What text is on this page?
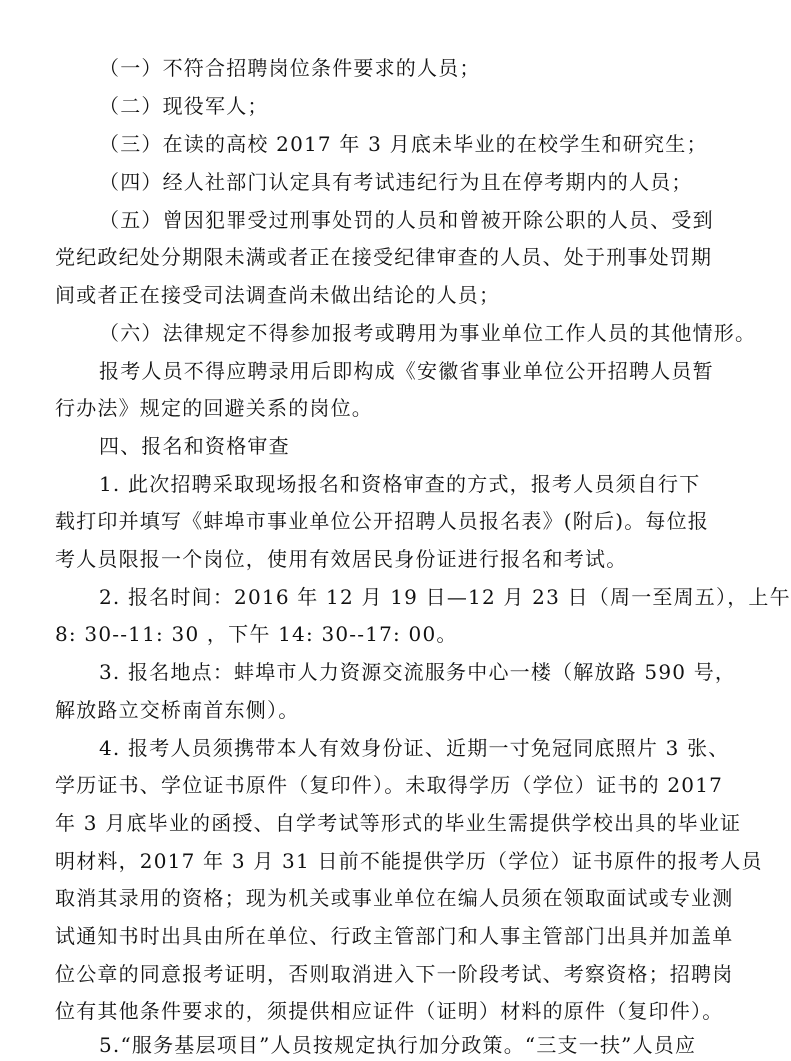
（一）不符合招聘岗位条件要求的人员；
（二）现役军人；
（三）在读的高校 2017 年 3 月底未毕业的在校学生和研究生；
（四）经人社部门认定具有考试违纪行为且在停考期内的人员；
（五）曾因犯罪受过刑事处罚的人员和曾被开除公职的人员、受到
党纪政纪处分期限未满或者正在接受纪律审查的人员、处于刑事处罚期
间或者正在接受司法调查尚未做出结论的人员；
（六）法律规定不得参加报考或聘用为事业单位工作人员的其他情形。
报考人员不得应聘录用后即构成《安徽省事业单位公开招聘人员暂
行办法》规定的回避关系的岗位。
四、报名和资格审查
1. 此次招聘采取现场报名和资格审查的方式，报考人员须自行下
载打印并填写《蚌埠市事业单位公开招聘人员报名表》(附后)。每位报
考人员限报一个岗位，使用有效居民身份证进行报名和考试。
2. 报名时间：2016 年 12 月 19 日—12 月 23 日（周一至周五），上午
8: 30--11: 30 ，下午 14: 30--17: 00。
3. 报名地点：蚌埠市人力资源交流服务中心一楼（解放路 590 号，
解放路立交桥南首东侧）。
4. 报考人员须携带本人有效身份证、近期一寸免冠同底照片 3 张、
学历证书、学位证书原件（复印件）。未取得学历（学位）证书的 2017
年 3 月底毕业的函授、自学考试等形式的毕业生需提供学校出具的毕业证
明材料，2017 年 3 月 31 日前不能提供学历（学位）证书原件的报考人员
取消其录用的资格；现为机关或事业单位在编人员须在领取面试或专业测
试通知书时出具由所在单位、行政主管部门和人事主管部门出具并加盖单
位公章的同意报考证明，否则取消进入下一阶段考试、考察资格；招聘岗
位有其他条件要求的，须提供相应证件（证明）材料的原件（复印件）。
5.“服务基层项目”人员按规定执行加分政策。“三支一扶”人员应
